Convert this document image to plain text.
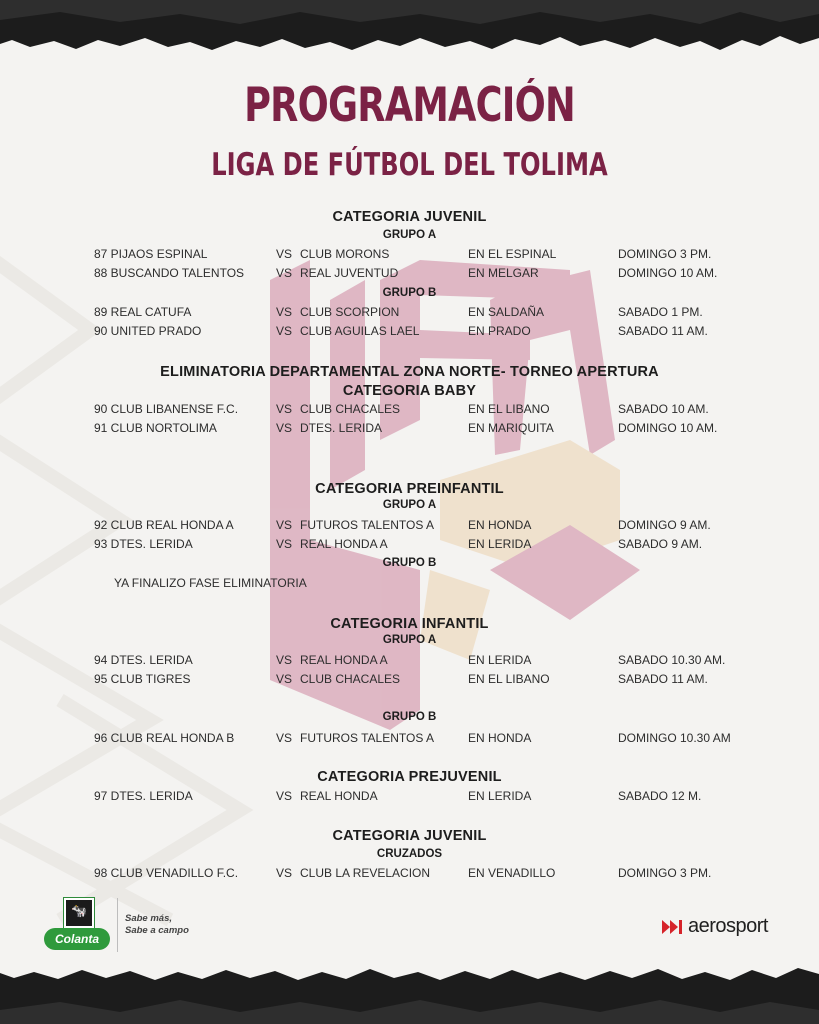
PROGRAMACIÓN
LIGA DE FÚTBOL DEL TOLIMA
CATEGORIA JUVENIL
GRUPO A
87 PIJAOS ESPINAL	VS CLUB MORONS	EN EL ESPINAL	DOMINGO 3 PM.
88 BUSCANDO TALENTOS	VS REAL JUVENTUD	EN MELGAR	DOMINGO 10 AM.
GRUPO B
89 REAL CATUFA	VS CLUB SCORPION	EN SALDAÑA	SABADO 1 PM.
90 UNITED PRADO	VS CLUB AGUILAS LAEL	EN PRADO	SABADO 11 AM.
ELIMINATORIA DEPARTAMENTAL ZONA NORTE- TORNEO APERTURA
CATEGORIA BABY
90 CLUB LIBANENSE F.C.	VS CLUB CHACALES	EN EL LIBANO	SABADO 10 AM.
91 CLUB NORTOLIMA	VS DTES. LERIDA	EN MARIQUITA	DOMINGO 10 AM.
CATEGORIA PREINFANTIL
GRUPO A
92 CLUB REAL HONDA A	VS FUTUROS TALENTOS A	EN HONDA	DOMINGO 9 AM.
93 DTES. LERIDA	VS REAL HONDA A	EN LERIDA	SABADO 9 AM.
GRUPO B
YA FINALIZO FASE ELIMINATORIA
CATEGORIA INFANTIL
GRUPO A
94 DTES. LERIDA	VS REAL HONDA A	EN LERIDA	SABADO 10.30 AM.
95 CLUB TIGRES	VS CLUB CHACALES	EN EL LIBANO	SABADO 11 AM.
GRUPO B
96 CLUB REAL HONDA B	VS FUTUROS TALENTOS A	EN HONDA	DOMINGO 10.30 AM
CATEGORIA PREJUVENIL
97 DTES. LERIDA	VS REAL HONDA	EN LERIDA	SABADO 12 M.
CATEGORIA JUVENIL
CRUZADOS
98 CLUB VENADILLO F.C.	VS CLUB LA REVELACION	EN VENADILLO	DOMINGO 3 PM.
🐄
Colanta
Sabe más,
Sabe a campo	aerosport
